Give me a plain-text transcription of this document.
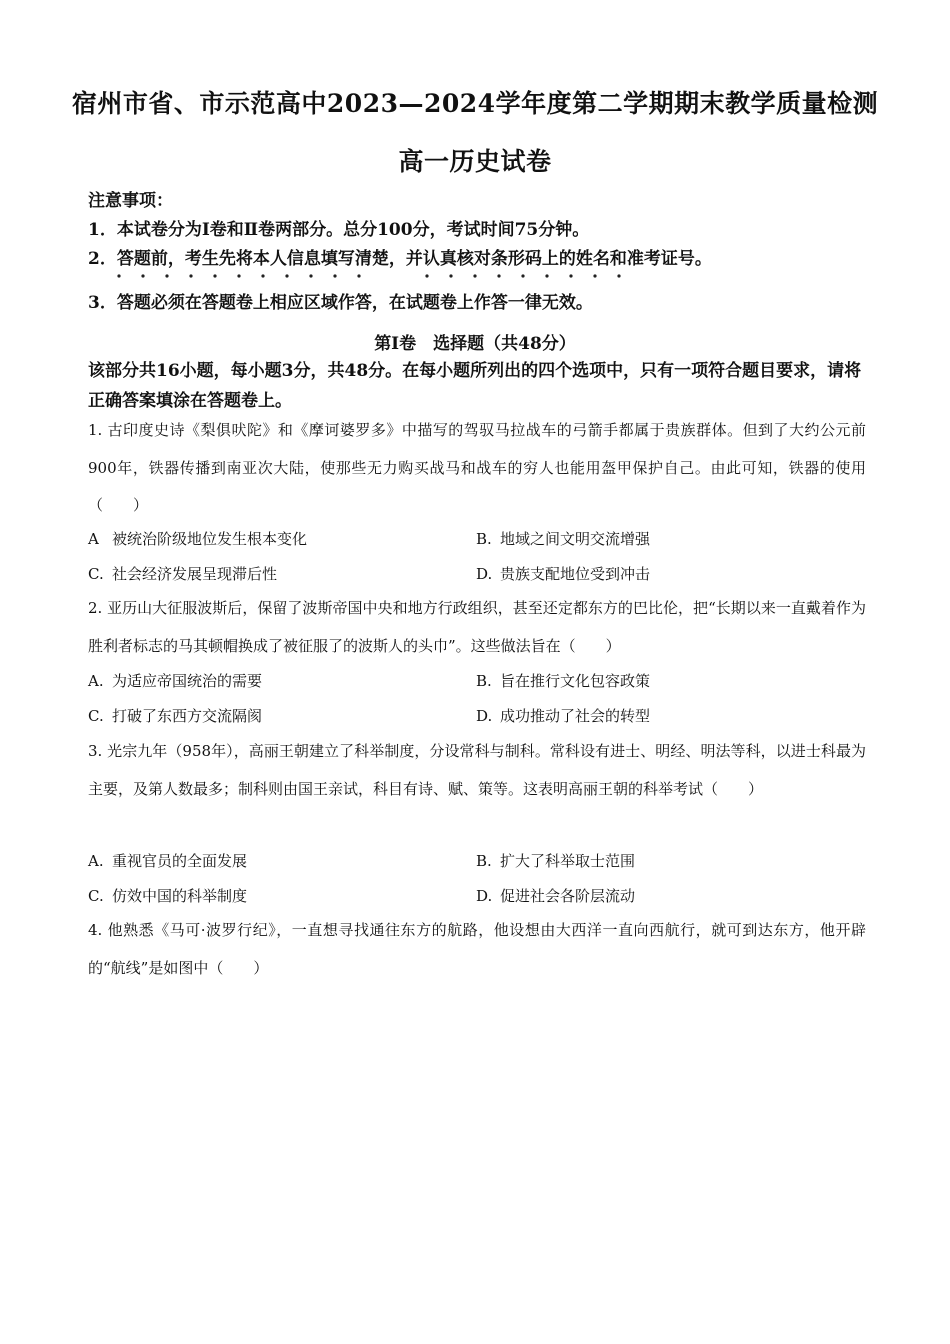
宿州市省、市示范高中2023—2024学年度第二学期期末教学质量检测
高一历史试卷

注意事项：

1．本试卷分为Ⅰ卷和Ⅱ卷两部分。总分100分，考试时间75分钟。

2．答题前，考生先将本人信息填写清楚，并认真核对条形码上的姓名和准考证号。

3．答题必须在答题卷上相应区域作答，在试题卷上作答一律无效。

第Ⅰ卷　选择题（共48分）

该部分共16小题，每小题3分，共48分。在每小题所列出的四个选项中，只有一项符合题目要求，请将正确答案填涂在答题卷上。

1. 古印度史诗《梨俱吠陀》和《摩诃婆罗多》中描写的驾驭马拉战车的弓箭手都属于贵族群体。但到了大约公元前900年，铁器传播到南亚次大陆，使那些无力购买战马和战车的穷人也能用盔甲保护自己。由此可知，铁器的使用（　　）

A 被统治阶级地位发生根本变化	B. 地域之间文明交流增强

C. 社会经济发展呈现滞后性	D. 贵族支配地位受到冲击

2. 亚历山大征服波斯后，保留了波斯帝国中央和地方行政组织，甚至还定都东方的巴比伦，把“长期以来一直戴着作为胜利者标志的马其顿帽换成了被征服了的波斯人的头巾”。这些做法旨在（　　）

A. 为适应帝国统治的需要	B. 旨在推行文化包容政策

C. 打破了东西方交流隔阂	D. 成功推动了社会的转型

3. 光宗九年（958年），高丽王朝建立了科举制度，分设常科与制科。常科设有进士、明经、明法等科，以进士科最为主要，及第人数最多；制科则由国王亲试，科目有诗、赋、策等。这表明高丽王朝的科举考试（　　）

A. 重视官员的全面发展	B. 扩大了科举取士范围

C. 仿效中国的科举制度	D. 促进社会各阶层流动

4. 他熟悉《马可·波罗行纪》，一直想寻找通往东方的航路，他设想由大西洋一直向西航行，就可到达东方，他开辟的“航线”是如图中（　　）
